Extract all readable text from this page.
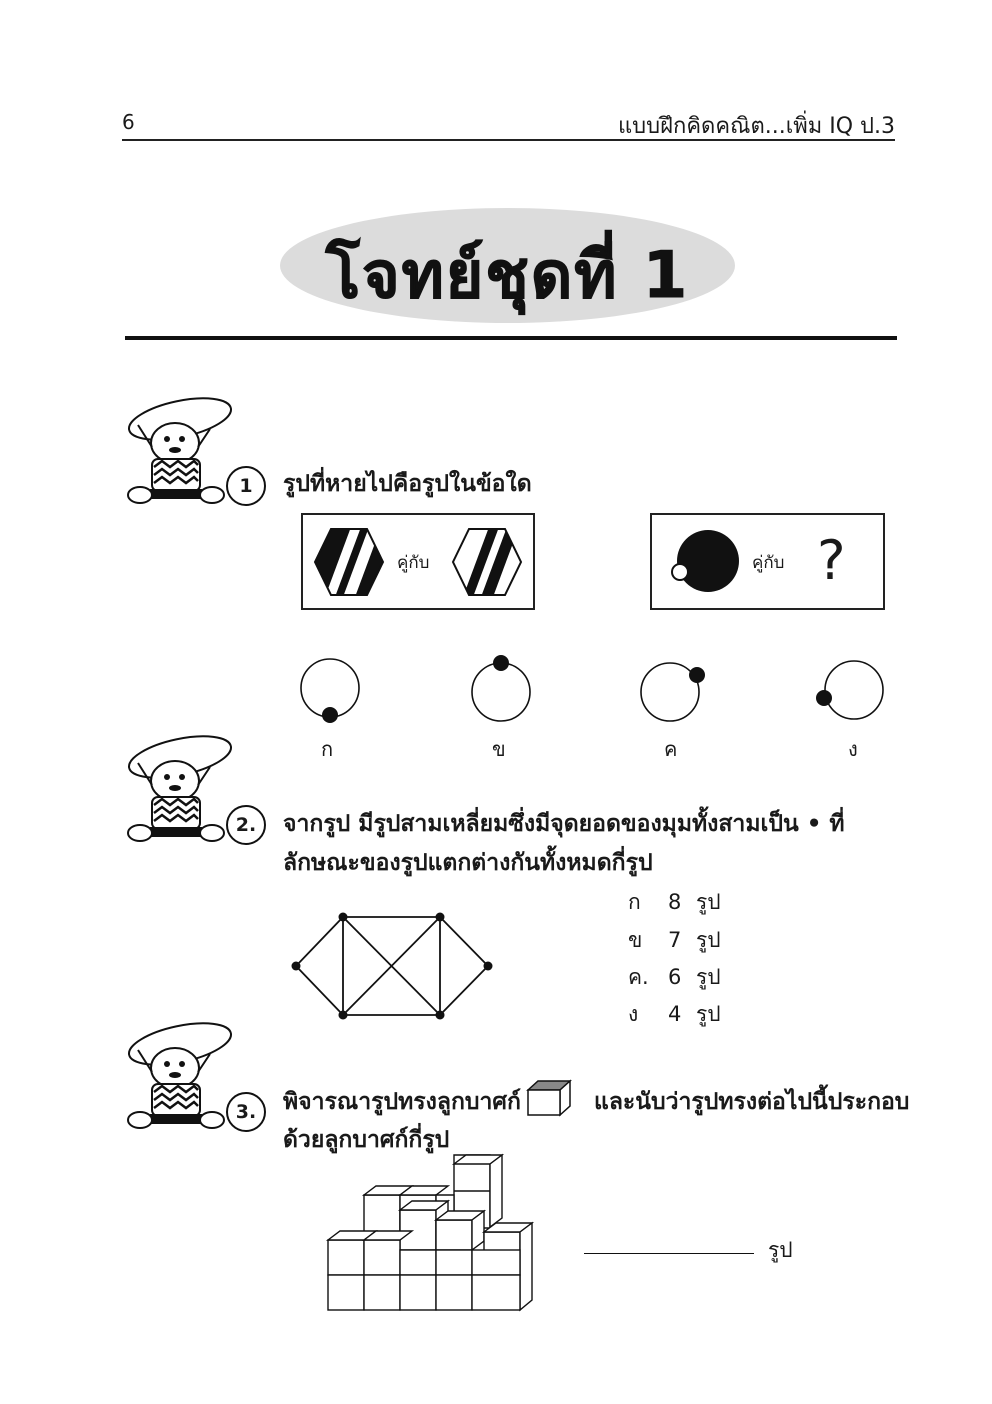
6	แบบฝึกคิดคณิต...เพิ่ม IQ ป.3
โจทย์ชุดที่ 1
1	รูปที่หายไปคือรูปในข้อใด
คู่กับ	คู่กับ ?
ก	ข	ค	ง
2.	จากรูป มีรูปสามเหลี่ยมซึ่งมีจุดยอดของมุมทั้งสามเป็น • ที่
ลักษณะของรูปแตกต่างกันทั้งหมดกี่รูป
ก 8 รูป
ข 7 รูป
ค. 6 รูป
ง 4 รูป
3.	พิจารณารูปทรงลูกบาศก์	และนับว่ารูปทรงต่อไปนี้ประกอบ
ด้วยลูกบาศก์กี่รูป
รูป
